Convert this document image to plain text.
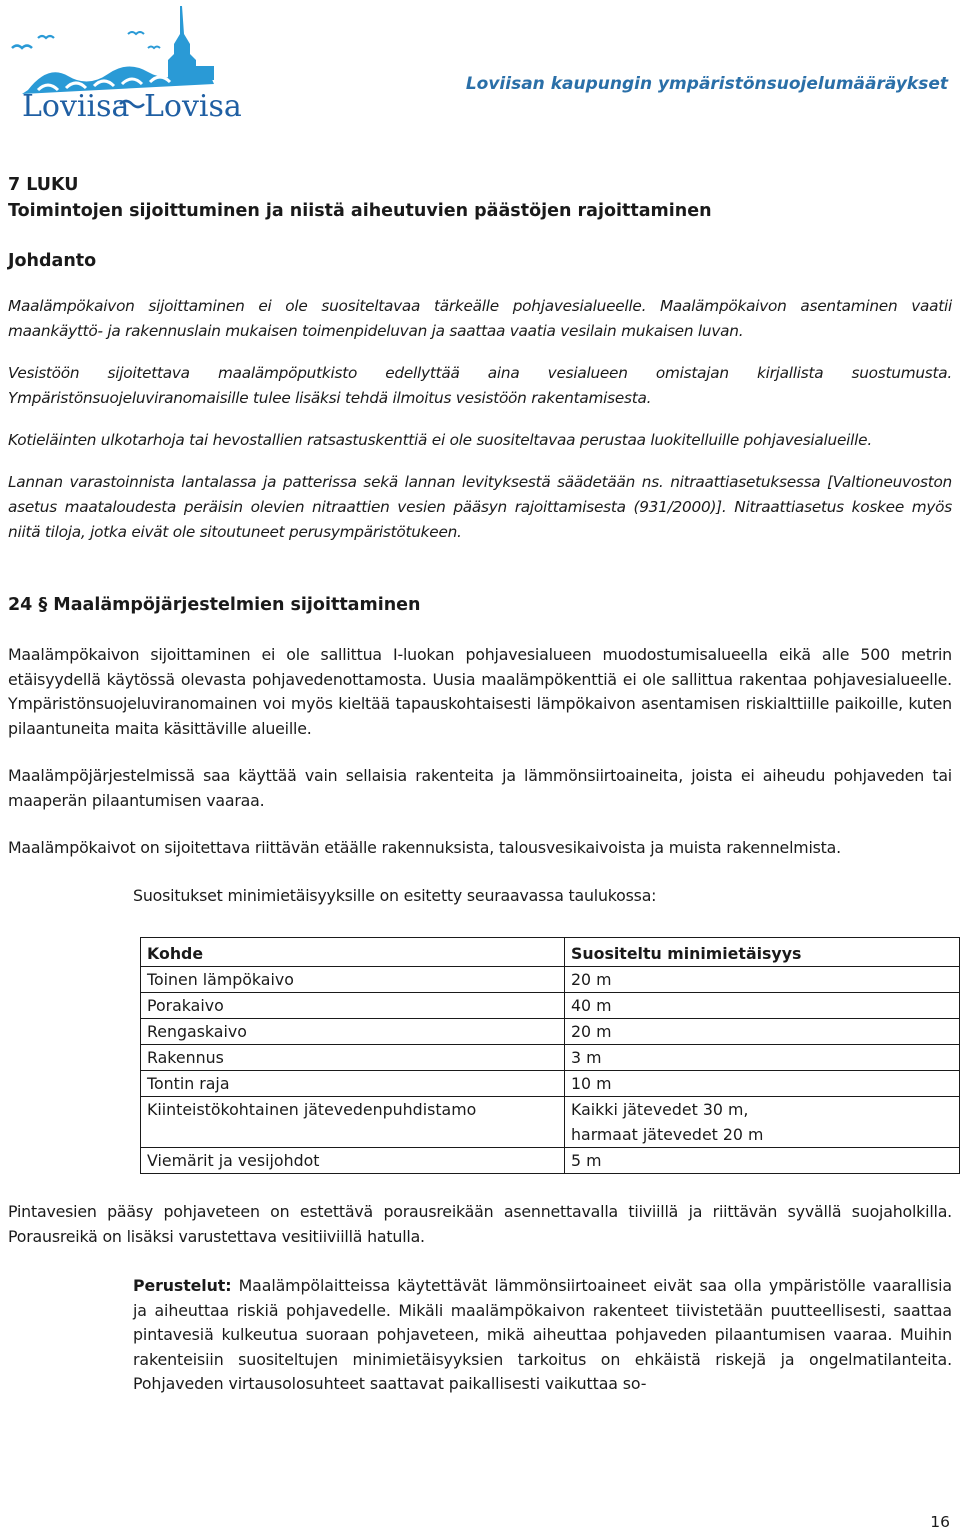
Loviisa Lovisa
Loviisan kaupungin ympäristönsuojelumääräykset

7 LUKU

Toimintojen sijoittuminen ja niistä aiheutuvien päästöjen rajoittaminen

Johdanto

Maalämpökaivon sijoittaminen ei ole suositeltavaa tärkeälle pohjavesialueelle. Maalämpökaivon asentaminen vaatii maankäyttö- ja rakennuslain mukaisen toimenpideluvan ja saattaa vaatia vesilain mukaisen luvan.

Vesistöön sijoitettava maalämpöputkisto edellyttää aina vesialueen omistajan kirjallista suostumusta. Ympäristönsuojeluviranomaisille tulee lisäksi tehdä ilmoitus vesistöön rakentamisesta.

Kotieläinten ulkotarhoja tai hevostallien ratsastuskenttiä ei ole suositeltavaa perustaa luokitelluille pohjavesialueille.

Lannan varastoinnista lantalassa ja patterissa sekä lannan levityksestä säädetään ns. nitraattiasetuksessa [Valtioneuvoston asetus maataloudesta peräisin olevien nitraattien vesien pääsyn rajoittamisesta (931/2000)]. Nitraattiasetus koskee myös niitä tiloja, jotka eivät ole sitoutuneet perusympäristötukeen.

24 § Maalämpöjärjestelmien sijoittaminen

Maalämpökaivon sijoittaminen ei ole sallittua I-luokan pohjavesialueen muodostumisalueella eikä alle 500 metrin etäisyydellä käytössä olevasta pohjavedenottamosta. Uusia maalämpökenttiä ei ole sallittua rakentaa pohjavesialueelle. Ympäristönsuojeluviranomainen voi myös kieltää tapauskohtaisesti lämpökaivon asentamisen riskialttiille paikoille, kuten pilaantuneita maita käsittäville alueille.

Maalämpöjärjestelmissä saa käyttää vain sellaisia rakenteita ja lämmönsiirtoaineita, joista ei aiheudu pohjaveden tai maaperän pilaantumisen vaaraa.

Maalämpökaivot on sijoitettava riittävän etäälle rakennuksista, talousvesikaivoista ja muista rakennelmista.

Suositukset minimietäisyyksille on esitetty seuraavassa taulukossa:

Kohde	Suositeltu minimietäisyys
Toinen lämpökaivo	20 m
Porakaivo	40 m
Rengaskaivo	20 m
Rakennus	3 m
Tontin raja	10 m
Kiinteistökohtainen jätevedenpuhdistamo	Kaikki jätevedet 30 m,
harmaat jätevedet 20 m

Viemärit ja vesijohdot	5 m

Pintavesien pääsy pohjaveteen on estettävä porausreikään asennettavalla tiiviillä ja riittävän syvällä suojaholkilla. Porausreikä on lisäksi varustettava vesitiiviillä hatulla.

Perustelut: Maalämpölaitteissa käytettävät lämmönsiirtoaineet eivät saa olla ympäristölle vaarallisia ja aiheuttaa riskiä pohjavedelle. Mikäli maalämpökaivon rakenteet tiivistetään puutteellisesti, saattaa pintavesiä kulkeutua suoraan pohjaveteen, mikä aiheuttaa pohjaveden pilaantumisen vaaraa. Muihin rakenteisiin suositeltujen minimietäisyyksien tarkoitus on ehkäistä riskejä ja ongelmatilanteita. Pohjaveden virtausolosuhteet saattavat paikallisesti vaikuttaa so-

16
